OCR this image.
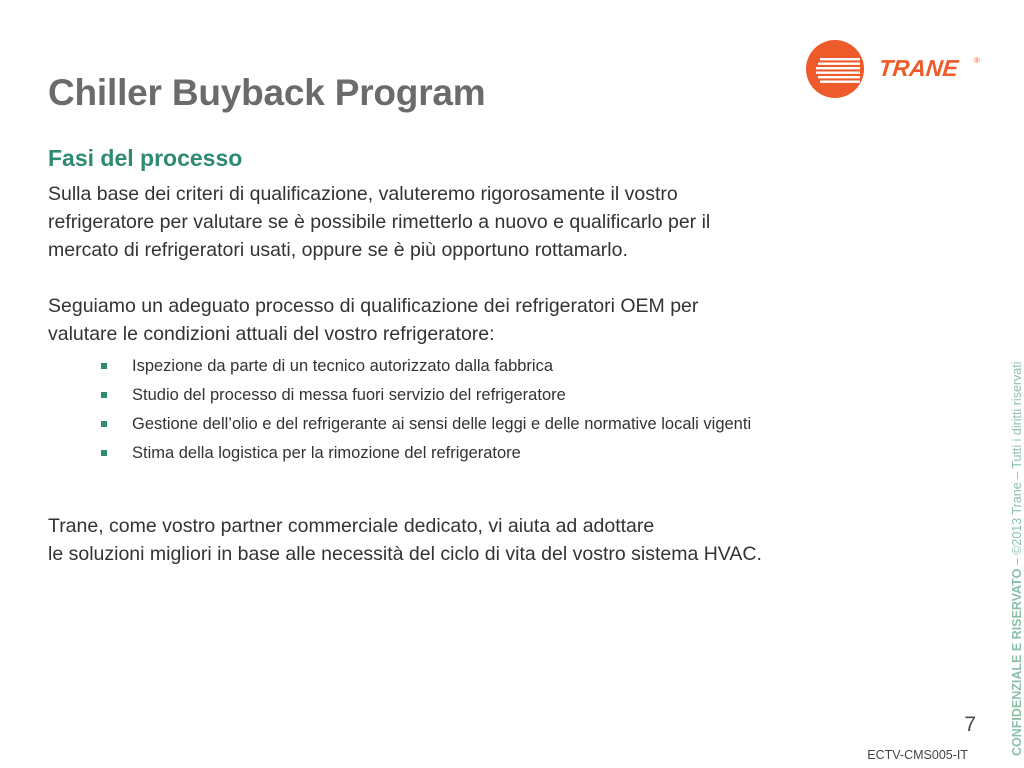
Chiller Buyback Program
TRANE ®
Fasi del processo

Sulla base dei criteri di qualificazione, valuteremo rigorosamente il vostro
refrigeratore per valutare se è possibile rimetterlo a nuovo e qualificarlo per il
mercato di refrigeratori usati, oppure se è più opportuno rottamarlo.

Seguiamo un adeguato processo di qualificazione dei refrigeratori OEM per
valutare le condizioni attuali del vostro refrigeratore:

Ispezione da parte di un tecnico autorizzato dalla fabbrica
Studio del processo di messa fuori servizio del refrigeratore
Gestione dell’olio e del refrigerante ai sensi delle leggi e delle normative locali vigenti
Stima della logistica per la rimozione del refrigeratore

Trane, come vostro partner commerciale dedicato, vi aiuta ad adottare
le soluzioni migliori in base alle necessità del ciclo di vita del vostro sistema HVAC.

CONFIDENZIALE E RISERVATO – ©2013 Trane – Tutti i diritti riservati
7
ECTV-CMS005-IT
